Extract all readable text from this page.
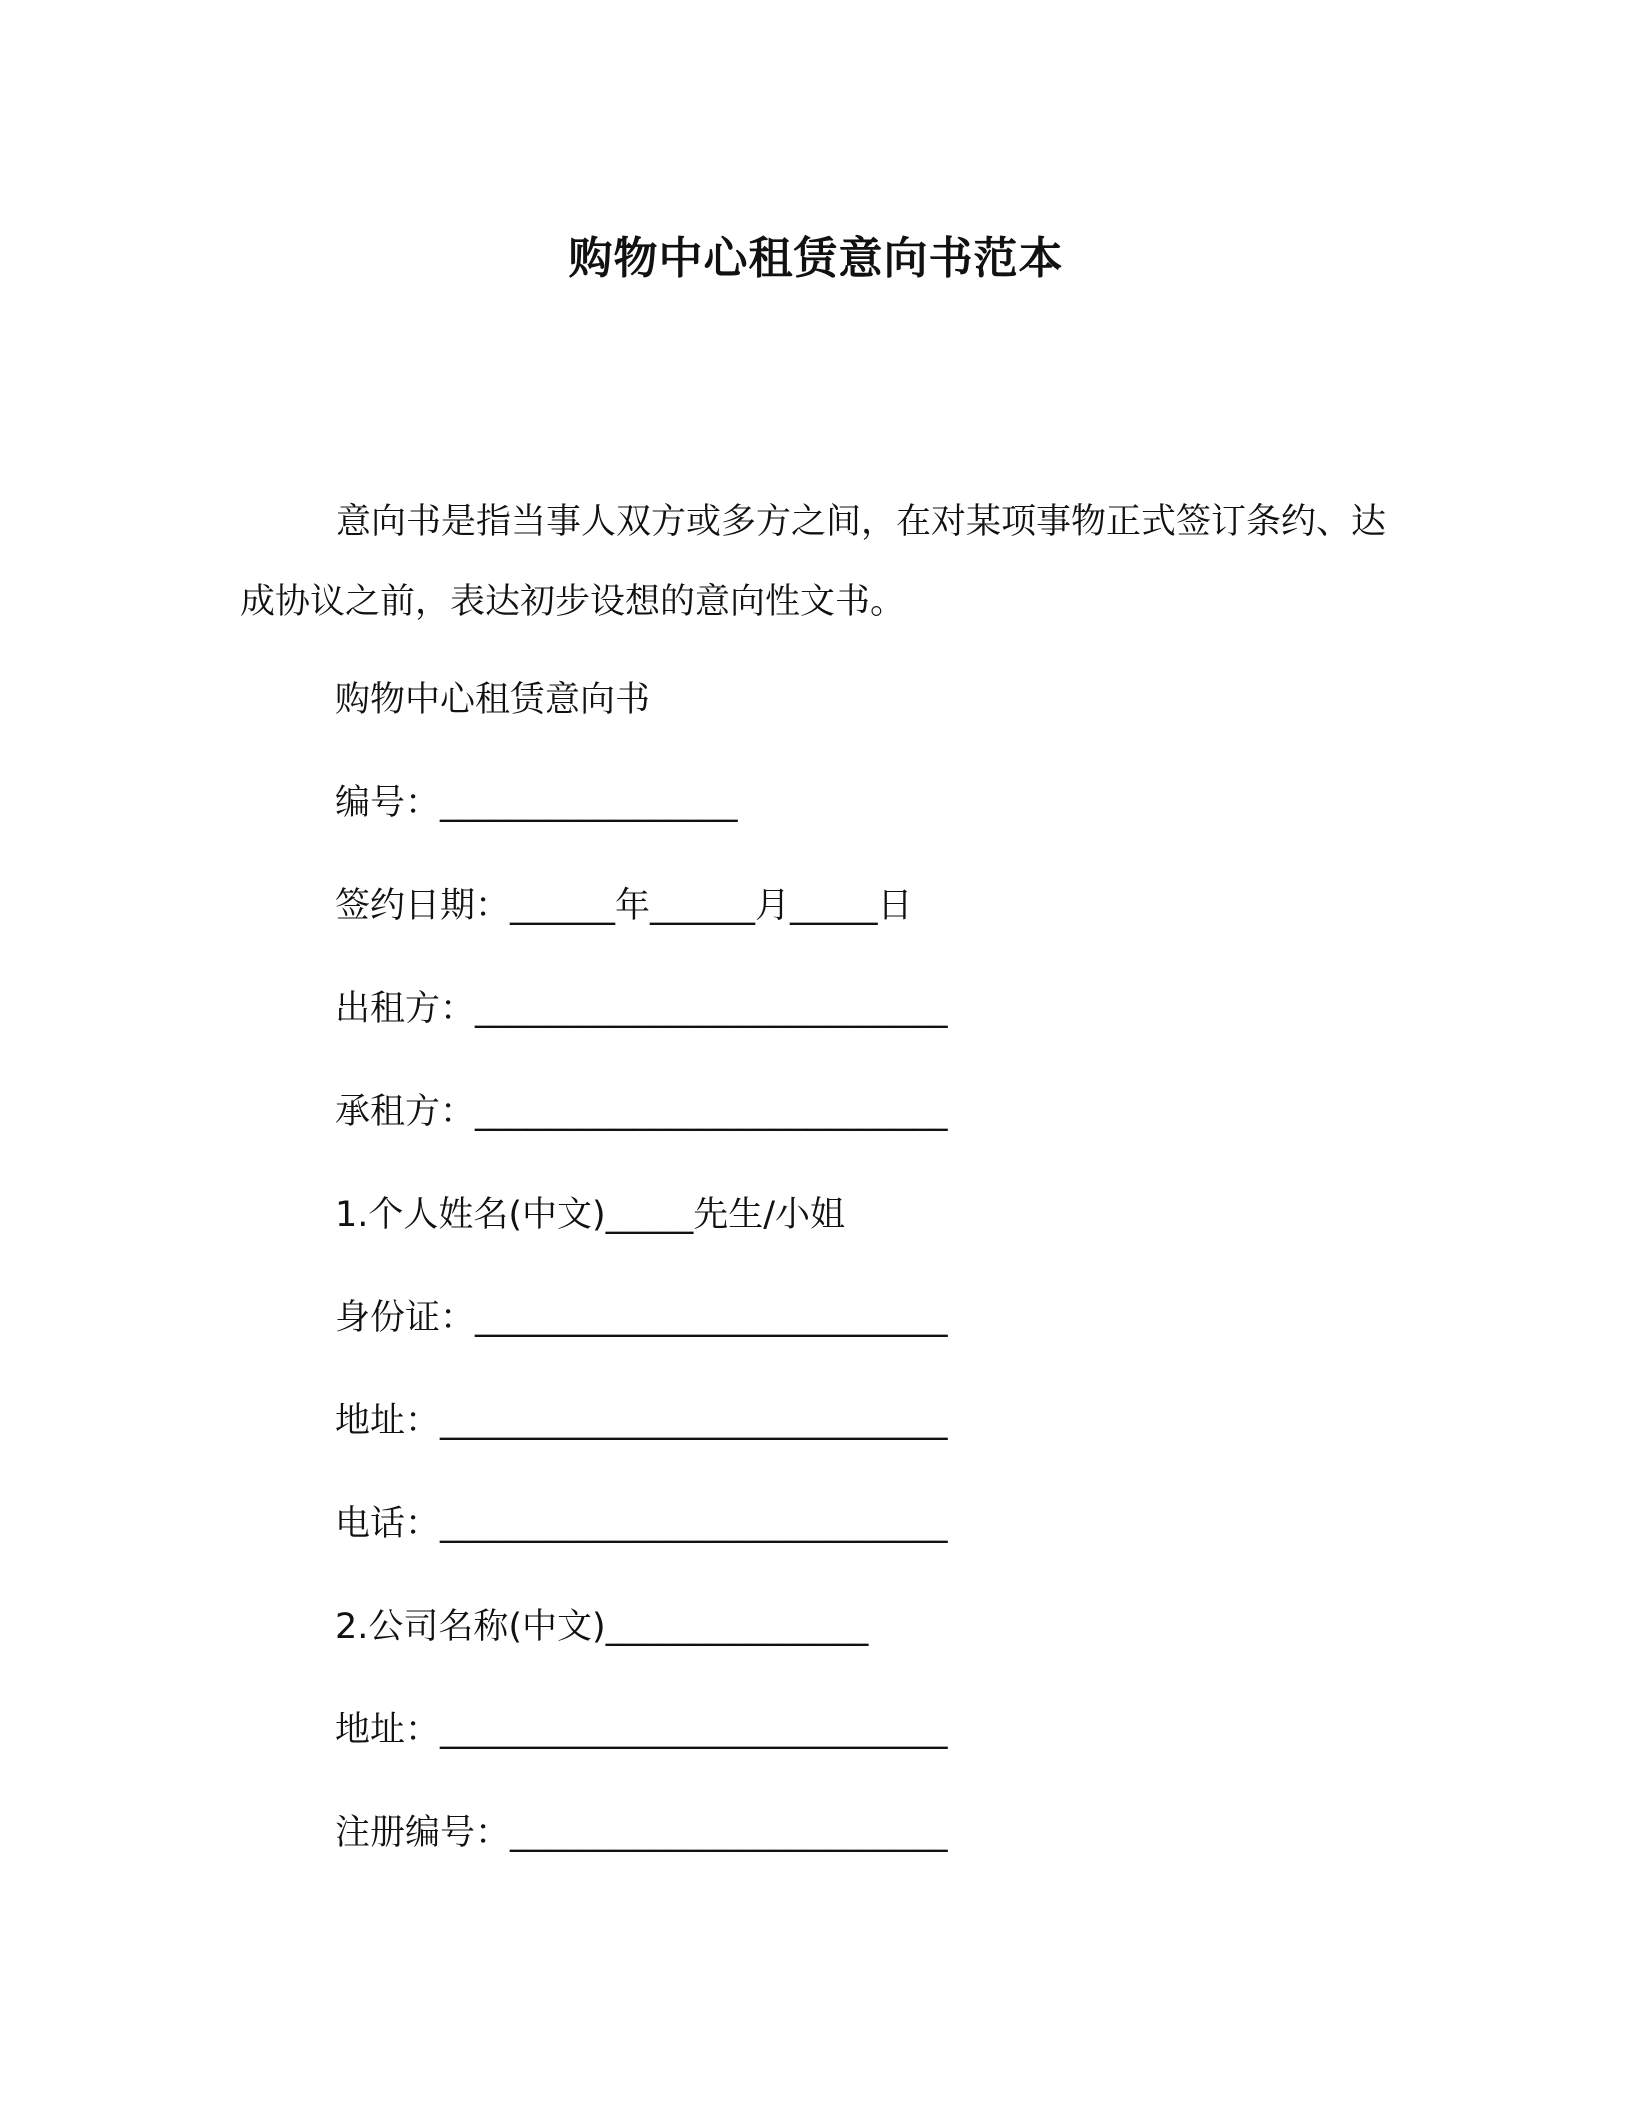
购物中心租赁意向书范本
意向书是指当事人双方或多方之间，在对某项事物正式签订条约、达成协议之前，表达初步设想的意向性文书。
购物中心租赁意向书
编号：_________________
签约日期：______年______月_____日
出租方：___________________________
承租方：___________________________
1.个人姓名(中文)_____先生/小姐
身份证：___________________________
地址：_____________________________
电话：_____________________________
2.公司名称(中文)_______________
地址：_____________________________
注册编号：_________________________
